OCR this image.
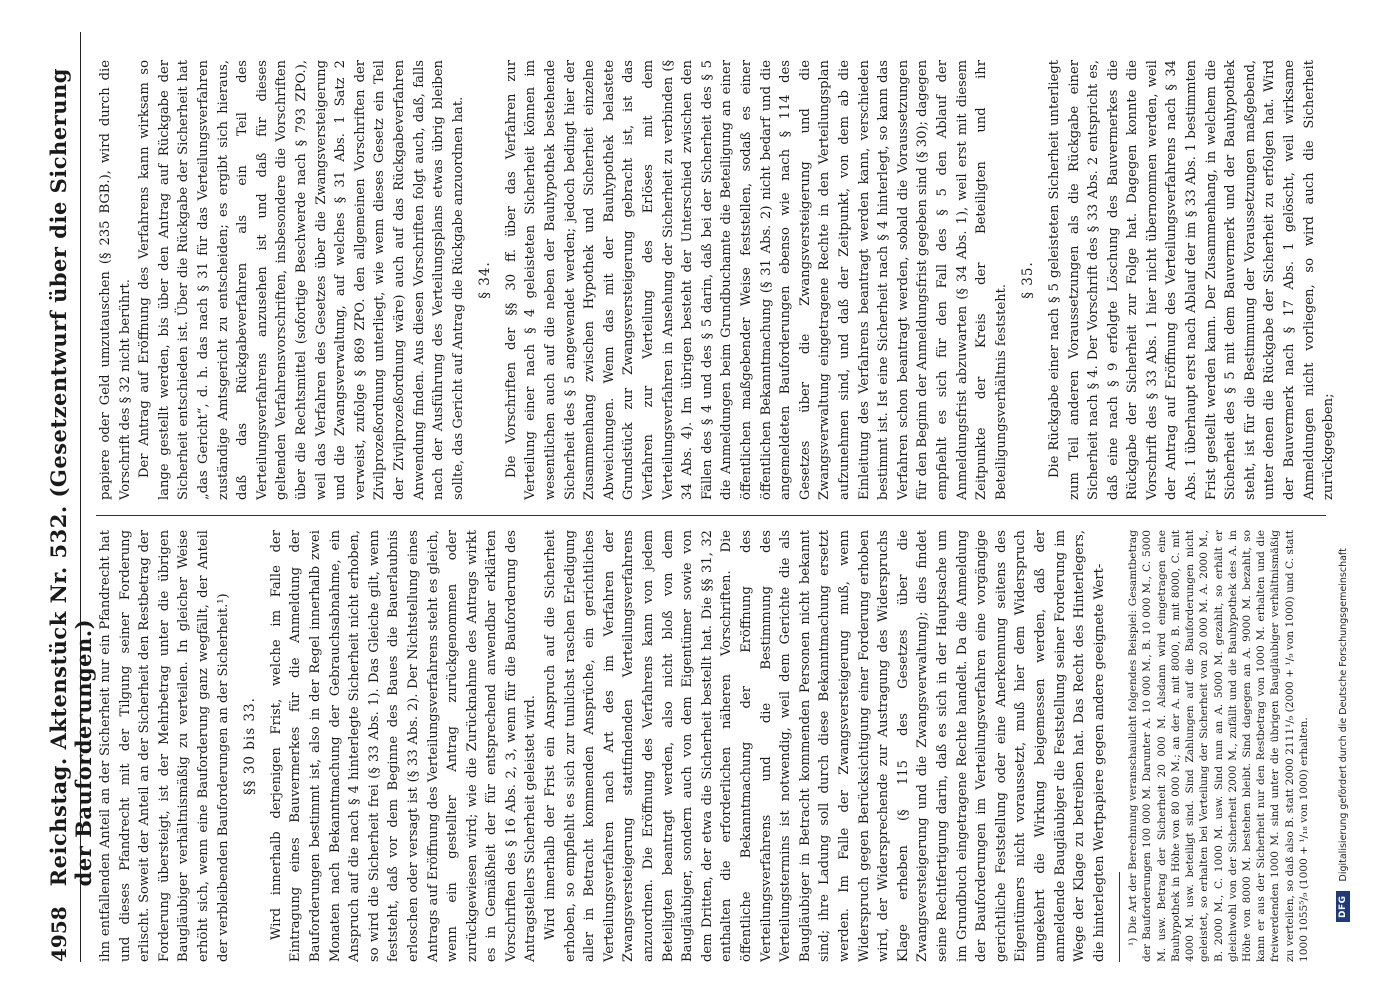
4958
Reichstag. Aktenstück Nr. 532. (Gesetzentwurf über die Sicherung der Bauforderungen.) ihn entfallenden Anteil an der Sicherheit nur ein Pfandrecht hat und dieses Pfandrecht mit der Tilgung seiner Forderung erlischt. Soweit der Anteil an der Sicherheit den Restbetrag der Forderung übersteigt, ist der Mehrbetrag unter die übrigen Baugläubiger verhältnismäßig zu verteilen. In gleicher Weise erhöht sich, wenn eine Bauforderung ganz wegfällt, der Anteil der verbleibenden Bauforderungen an der Sicherheit.¹) §§ 30 bis 33. Wird innerhalb derjenigen Frist, welche im Falle der Eintragung eines Bauvermerkes für die Anmeldung der Bauforderungen bestimmt ist, also in der Regel innerhalb zwei Monaten nach Bekanntmachung der Gebrauchsabnahme, ein Anspruch auf die nach § 4 hinterlegte Sicherheit nicht erhoben, so wird die Sicherheit frei (§ 33 Abs. 1). Das Gleiche gilt, wenn feststeht, daß vor dem Beginne des Baues die Bauerlaubnis erloschen oder versagt ist (§ 33 Abs. 2). Der Nichtstellung eines Antrags auf Eröffnung des Verteilungsverfahrens steht es gleich, wenn ein gestellter Antrag zurückgenommen oder zurückgewiesen wird; wie die Zurücknahme des Antrags wirkt es in Gemäßheit der für entsprechend anwendbar erklärten Vorschriften des § 16 Abs. 2, 3, wenn für die Bauforderung des Antragstellers Sicherheit geleistet wird. Wird innerhalb der Frist ein Anspruch auf die Sicherheit erhoben, so empfiehlt es sich zur tunlichst raschen Erledigung aller in Betracht kommenden Ansprüche, ein gerichtliches Verteilungsverfahren nach Art des im Verfahren der Zwangsversteigerung stattfindenden Verteilungsverfahrens anzuordnen. Die Eröffnung des Verfahrens kann von jedem Beteiligten beantragt werden, also nicht bloß von dem Baugläubiger, sondern auch von dem Eigentümer sowie von dem Dritten, der etwa die Sicherheit bestellt hat. Die §§ 31, 32 enthalten die erforderlichen näheren Vorschriften. Die öffentliche Bekanntmachung der Eröffnung des Verteilungsverfahrens und die Bestimmung des Verteilungstermins ist notwendig, weil dem Gerichte die als Baugläubiger in Betracht kommenden Personen nicht bekannt sind; ihre Ladung soll durch diese Bekanntmachung ersetzt werden. Im Falle der Zwangsversteigerung muß, wenn Widerspruch gegen Berücksichtigung einer Forderung erhoben wird, der Widersprechende zur Austragung des Widerspruchs Klage erheben (§ 115 des Gesetzes über die Zwangsversteigerung und die Zwangsverwaltung); dies findet seine Rechtfertigung darin, daß es sich in der Hauptsache um im Grundbuch eingetragene Rechte handelt. Da die Anmeldung der Bauforderungen im Verteilungsverfahren eine vorgängige gerichtliche Feststellung oder eine Anerkennung seitens des Eigentümers nicht voraussetzt, muß hier dem Widerspruch umgekehrt die Wirkung beigemessen werden, daß der anmeldende Baugläubiger die Feststellung seiner Forderung im Wege der Klage zu betreiben hat. Das Recht des Hinterlegers, die hinterlegten Wertpapiere gegen andere geeignete Wert- ¹) Die Art der Berechnung veranschaulicht folgendes Beispiel: Gesamtbetrag der Bauforderungen 100 000 M. Darunter A. 10 000 M., B. 10 000 M., C. 5000 M. usw. Betrag der Sicherheit 20 000 M. Alsdann wird eingetragen eine Bauhypothek in Höhe von 80 000 M.; an der A. mit 8000, B. mit 8000, C. mit 4000 M. usw. beteiligt sind. Sind Zahlungen auf die Bauforderungen nicht geleistet, so erhalten bei Verteilung der Sicherheit von 20 000 M. A. 2000 M., B. 2000 M., C. 1000 M. usw. Sind nun an A. 5000 M. gezahlt, so erhält er gleichwohl von der Sicherheit 2000 M., zufällt und die Bauhypothek des A. in Höhe von 8000 M. bestehen bleibt. Sind dagegen an A. 9000 M. bezahlt, so kann er aus der Sicherheit nur den Restbetrag von 1000 M. erhalten und die freiwerdenden 1000 M. sind unter die übrigen Baugläubiger verhältnismäßig zu verteilen, so daß also B. statt 2000 2111¹/₉ (2000 + ¹/₉ von 1000) und C. statt 1000 1055⁵/₉ (1000 + ¹/₁₈ von 1000) erhalten.

papiere oder Geld umzutauschen (§ 235 BGB.), wird durch die Vorschrift des § 32 nicht berührt. Der Antrag auf Eröffnung des Verfahrens kann wirksam so lange gestellt werden, bis über den Antrag auf Rückgabe der Sicherheit entschieden ist. Über die Rückgabe der Sicherheit hat „das Gericht“, d. h. das nach § 31 für das Verteilungsverfahren zuständige Amtsgericht zu entscheiden; es ergibt sich hieraus, daß das Rückgabeverfahren als ein Teil des Verteilungsverfahrens anzusehen ist und daß für dieses geltenden Verfahrensvorschriften, insbesondere die Vorschriften über die Rechtsmittel (sofortige Beschwerde nach § 793 ZPO.), weil das Verfahren des Gesetzes über die Zwangsversteigerung und die Zwangsverwaltung, auf welches § 31 Abs. 1 Satz 2 verweist, zufolge § 869 ZPO. den allgemeinen Vorschriften der Zivilprozeßordnung unterliegt, wie wenn dieses Gesetz ein Teil der Zivilprozeßordnung wäre) auch auf das Rückgabeverfahren Anwendung finden. Aus diesen Vorschriften folgt auch, daß, falls nach der Ausführung des Verteilungsplans etwas übrig bleiben sollte, das Gericht auf Antrag die Rückgabe anzuordnen hat. § 34. Die Vorschriften der §§ 30 ff. über das Verfahren zur Verteilung einer nach § 4 geleisteten Sicherheit können im wesentlichen auch auf die neben der Bauhypothek bestehende Sicherheit des § 5 angewendet werden; jedoch bedingt hier der Zusammenhang zwischen Hypothek und Sicherheit einzelne Abweichungen. Wenn das mit der Bauhypothek belastete Grundstück zur Zwangsversteigerung gebracht ist, ist das Verfahren zur Verteilung des Erlöses mit dem Verteilungsverfahren in Ansehung der Sicherheit zu verbinden (§ 34 Abs. 4). Im übrigen besteht der Unterschied zwischen den Fällen des § 4 und des § 5 darin, daß bei der Sicherheit des § 5 die Anmeldungen beim Grundbuchamte die Beteiligung an einer öffentlichen maßgebender Weise feststellen, sodaß es einer öffentlichen Bekanntmachung (§ 31 Abs. 2) nicht bedarf und die angemeldeten Bauforderungen ebenso wie nach § 114 des Gesetzes über die Zwangsversteigerung und die Zwangsverwaltung eingetragene Rechte in den Verteilungsplan aufzunehmen sind, und daß der Zeitpunkt, von dem ab die Einleitung des Verfahrens beantragt werden kann, verschieden bestimmt ist. Ist eine Sicherheit nach § 4 hinterlegt, so kann das Verfahren schon beantragt werden, sobald die Voraussetzungen für den Beginn der Anmeldungsfrist gegeben sind (§ 30); dagegen empfiehlt es sich für den Fall des § 5 den Ablauf der Anmeldungsfrist abzuwarten (§ 34 Abs. 1), weil erst mit diesem Zeitpunkte der Kreis der Beteiligten und ihr Beteiligungsverhältnis feststeht.

§ 35. Die Rückgabe einer nach § 5 geleisteten Sicherheit unterliegt zum Teil anderen Voraussetzungen als die Rückgabe einer Sicherheit nach § 4. Der Vorschrift des § 33 Abs. 2 entspricht es, daß eine nach § 9 erfolgte Löschung des Bauvermerkes die Rückgabe der Sicherheit zur Folge hat. Dagegen konnte die Vorschrift des § 33 Abs. 1 hier nicht übernommen werden, weil der Antrag auf Eröffnung des Verteilungsverfahrens nach § 34 Abs. 1 überhaupt erst nach Ablauf der im § 33 Abs. 1 bestimmten Frist gestellt werden kann. Der Zusammenhang, in welchem die Sicherheit des § 5 mit dem Bauvermerk und der Bauhypothek steht, ist für die Bestimmung der Voraussetzungen maßgebend, unter denen die Rückgabe der Sicherheit zu erfolgen hat. Wird der Bauvermerk nach § 17 Abs. 1 gelöscht, weil wirksame Anmeldungen nicht vorliegen, so wird auch die Sicherheit zurückgegeben;

DFG
Digitalisierung gefördert durch die Deutsche Forschungsgemeinschaft
